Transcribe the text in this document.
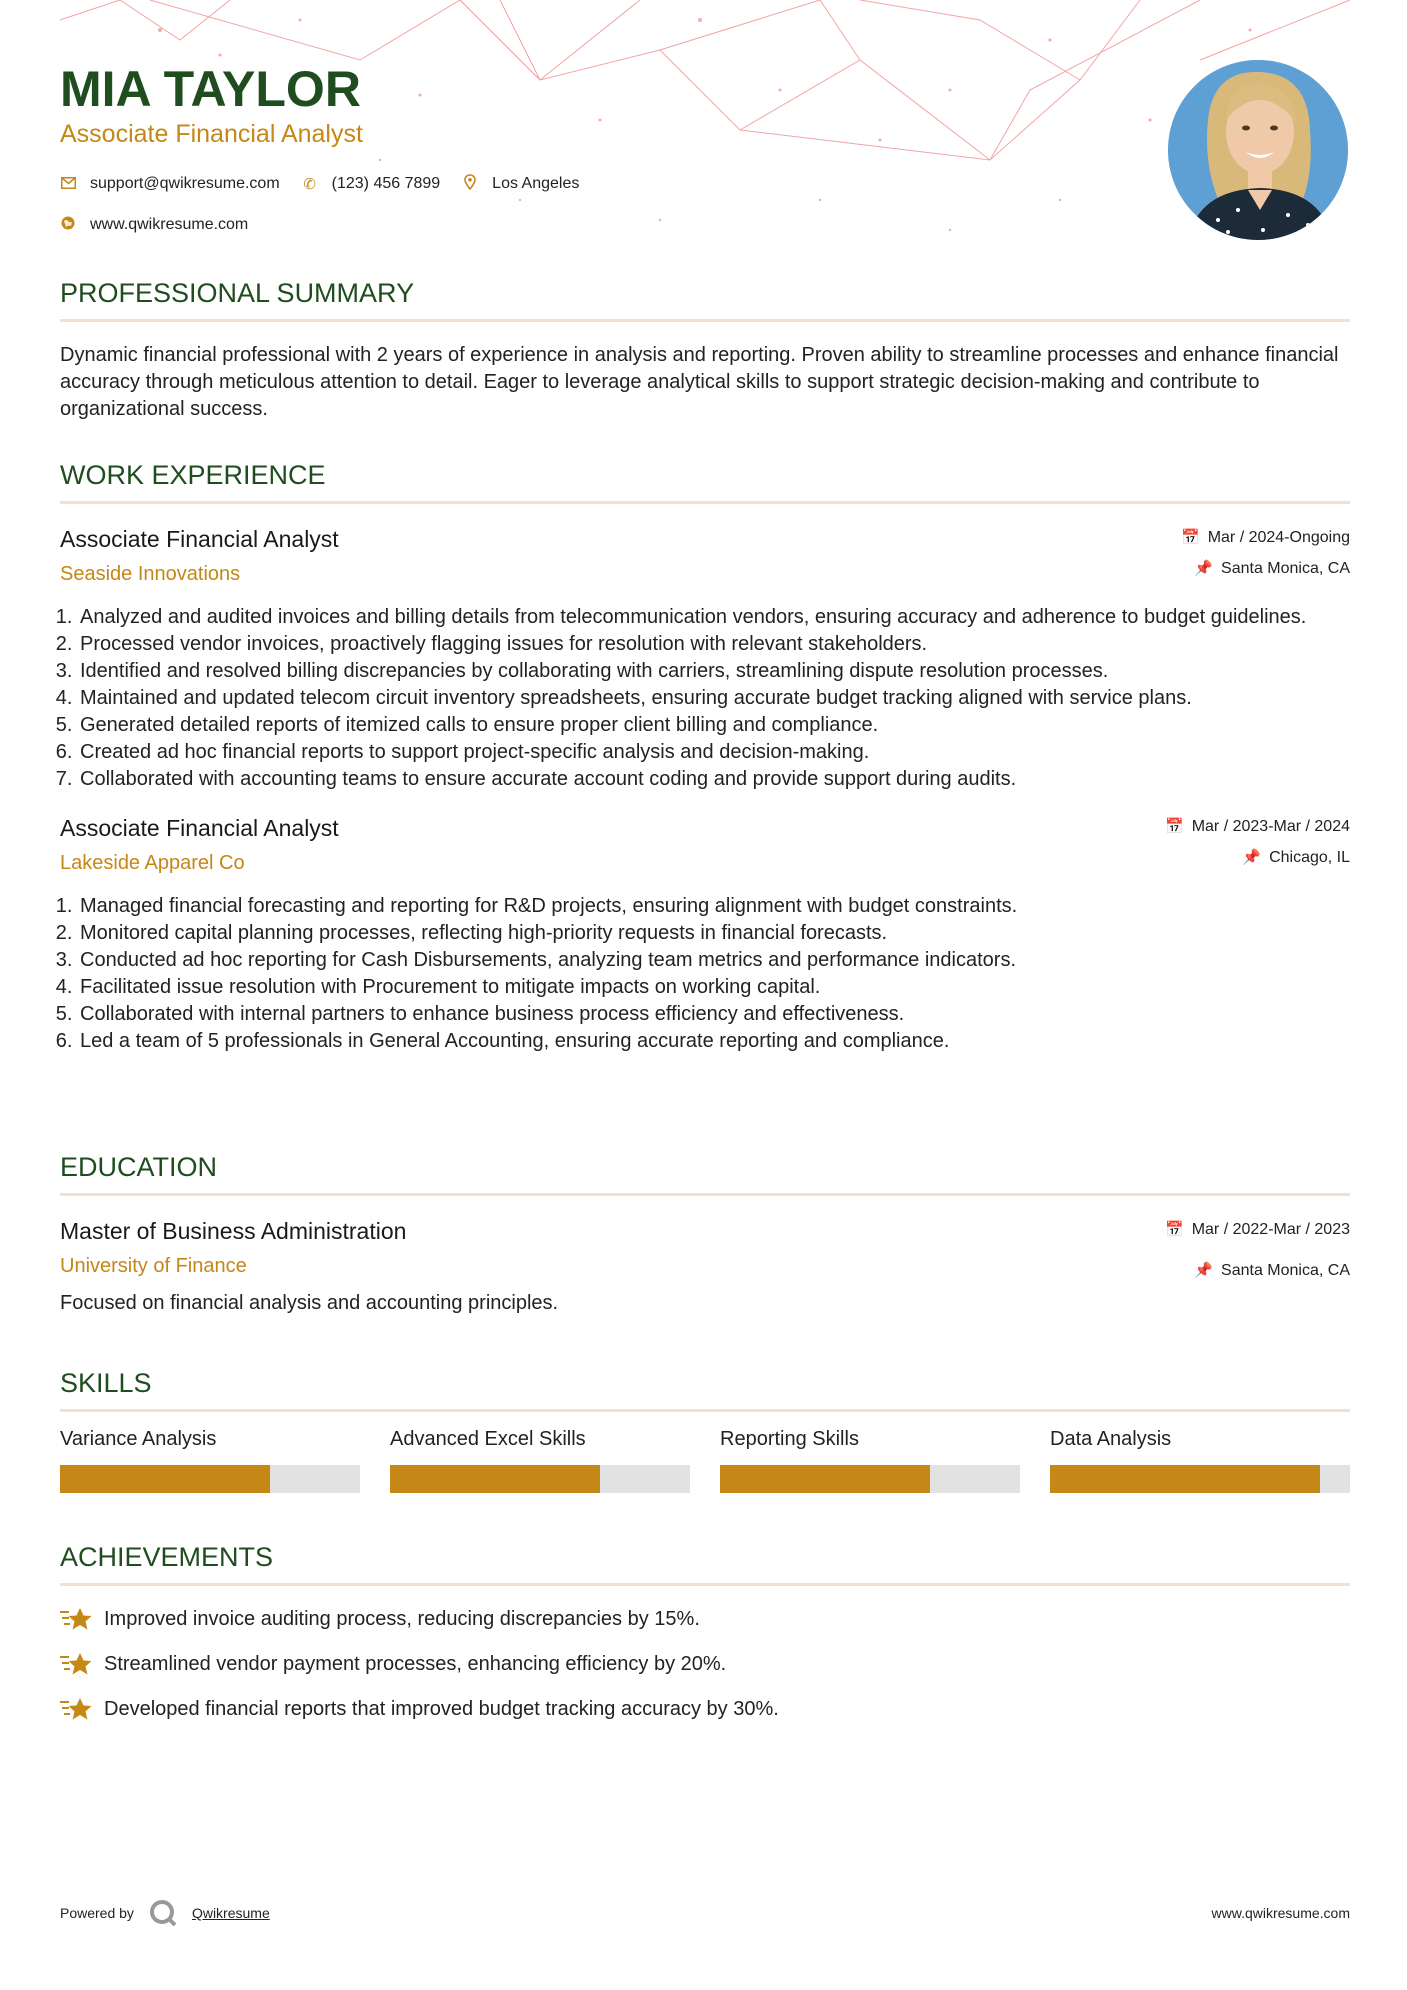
MIA TAYLOR
Associate Financial Analyst
support@qwikresume.com ✆ (123) 456 7899	Los Angeles
www.qwikresume.com
PROFESSIONAL SUMMARY
Dynamic financial professional with 2 years of experience in analysis and reporting. Proven ability to streamline processes and enhance financial accuracy through meticulous attention to detail. Eager to leverage analytical skills to support strategic decision-making and contribute to organizational success.
WORK EXPERIENCE
Associate Financial Analyst
Seaside Innovations
📅 Mar / 2024-Ongoing
📌 Santa Monica, CA
1. Analyzed and audited invoices and billing details from telecommunication vendors, ensuring accuracy and adherence to budget guidelines.
2. Processed vendor invoices, proactively flagging issues for resolution with relevant stakeholders.
3. Identified and resolved billing discrepancies by collaborating with carriers, streamlining dispute resolution processes.
4. Maintained and updated telecom circuit inventory spreadsheets, ensuring accurate budget tracking aligned with service plans.
5. Generated detailed reports of itemized calls to ensure proper client billing and compliance.
6. Created ad hoc financial reports to support project-specific analysis and decision-making.
7. Collaborated with accounting teams to ensure accurate account coding and provide support during audits.
Associate Financial Analyst
Lakeside Apparel Co
📅 Mar / 2023-Mar / 2024
📌 Chicago, IL
1. Managed financial forecasting and reporting for R&D projects, ensuring alignment with budget constraints.
2. Monitored capital planning processes, reflecting high-priority requests in financial forecasts.
3. Conducted ad hoc reporting for Cash Disbursements, analyzing team metrics and performance indicators.
4. Facilitated issue resolution with Procurement to mitigate impacts on working capital.
5. Collaborated with internal partners to enhance business process efficiency and effectiveness.
6. Led a team of 5 professionals in General Accounting, ensuring accurate reporting and compliance.
EDUCATION
Master of Business Administration
University of Finance
📅 Mar / 2022-Mar / 2023
📌 Santa Monica, CA
Focused on financial analysis and accounting principles.
SKILLS
Variance Analysis	Advanced Excel Skills	Reporting Skills	Data Analysis
ACHIEVEMENTS
Improved invoice auditing process, reducing discrepancies by 15%.
Streamlined vendor payment processes, enhancing efficiency by 20%.
Developed financial reports that improved budget tracking accuracy by 30%.
Powered by	Qwikresume	www.qwikresume.com
